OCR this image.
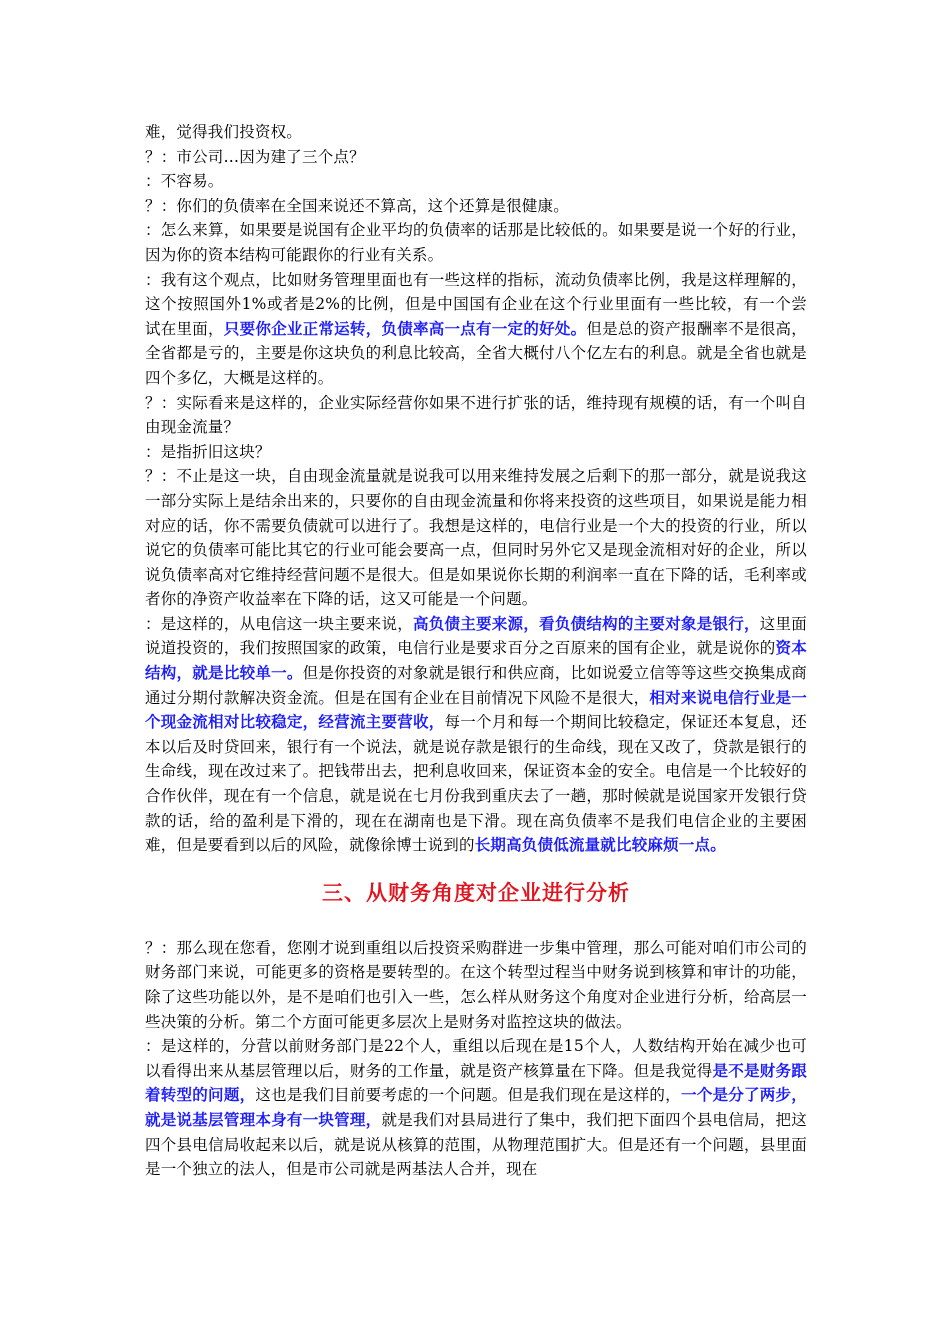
难，觉得我们投资权。

？：市公司…因为建了三个点？

：不容易。

？：你们的负债率在全国来说还不算高，这个还算是很健康。

：怎么来算，如果要是说国有企业平均的负债率的话那是比较低的。如果要是说一个好的行业，因为你的资本结构可能跟你的行业有关系。

：我有这个观点，比如财务管理里面也有一些这样的指标，流动负债率比例，我是这样理解的，这个按照国外1%或者是2%的比例，但是中国国有企业在这个行业里面有一些比较，有一个尝试在里面，只要你企业正常运转，负债率高一点有一定的好处。但是总的资产报酬率不是很高，全省都是亏的，主要是你这块负的利息比较高，全省大概付八个亿左右的利息。就是全省也就是四个多亿，大概是这样的。

？：实际看来是这样的，企业实际经营你如果不进行扩张的话，维持现有规模的话，有一个叫自由现金流量？

：是指折旧这块？

？：不止是这一块，自由现金流量就是说我可以用来维持发展之后剩下的那一部分，就是说我这一部分实际上是结余出来的，只要你的自由现金流量和你将来投资的这些项目，如果说是能力相对应的话，你不需要负债就可以进行了。我想是这样的，电信行业是一个大的投资的行业，所以说它的负债率可能比其它的行业可能会要高一点，但同时另外它又是现金流相对好的企业，所以说负债率高对它维持经营问题不是很大。但是如果说你长期的利润率一直在下降的话，毛利率或者你的净资产收益率在下降的话，这又可能是一个问题。

：是这样的，从电信这一块主要来说，高负债主要来源，看负债结构的主要对象是银行，这里面说道投资的，我们按照国家的政策，电信行业是要求百分之百原来的国有企业，就是说你的资本结构，就是比较单一。但是你投资的对象就是银行和供应商，比如说爱立信等等这些交换集成商通过分期付款解决资金流。但是在国有企业在目前情况下风险不是很大，相对来说电信行业是一个现金流相对比较稳定，经营流主要营收，每一个月和每一个期间比较稳定，保证还本复息，还本以后及时贷回来，银行有一个说法，就是说存款是银行的生命线，现在又改了，贷款是银行的生命线，现在改过来了。把钱带出去，把利息收回来，保证资本金的安全。电信是一个比较好的合作伙伴，现在有一个信息，就是说在七月份我到重庆去了一趟，那时候就是说国家开发银行贷款的话，给的盈利是下滑的，现在在湖南也是下滑。现在高负债率不是我们电信企业的主要困难，但是要看到以后的风险，就像徐博士说到的长期高负债低流量就比较麻烦一点。

三、从财务角度对企业进行分析

？：那么现在您看，您刚才说到重组以后投资采购群进一步集中管理，那么可能对咱们市公司的财务部门来说，可能更多的资格是要转型的。在这个转型过程当中财务说到核算和审计的功能，除了这些功能以外，是不是咱们也引入一些，怎么样从财务这个角度对企业进行分析，给高层一些决策的分析。第二个方面可能更多层次上是财务对监控这块的做法。

：是这样的，分营以前财务部门是22个人，重组以后现在是15个人，人数结构开始在减少也可以看得出来从基层管理以后，财务的工作量，就是资产核算量在下降。但是我觉得是不是财务跟着转型的问题，这也是我们目前要考虑的一个问题。但是我们现在是这样的，一个是分了两步，就是说基层管理本身有一块管理，就是我们对县局进行了集中，我们把下面四个县电信局，把这四个县电信局收起来以后，就是说从核算的范围，从物理范围扩大。但是还有一个问题，县里面是一个独立的法人，但是市公司就是两基法人合并，现在
